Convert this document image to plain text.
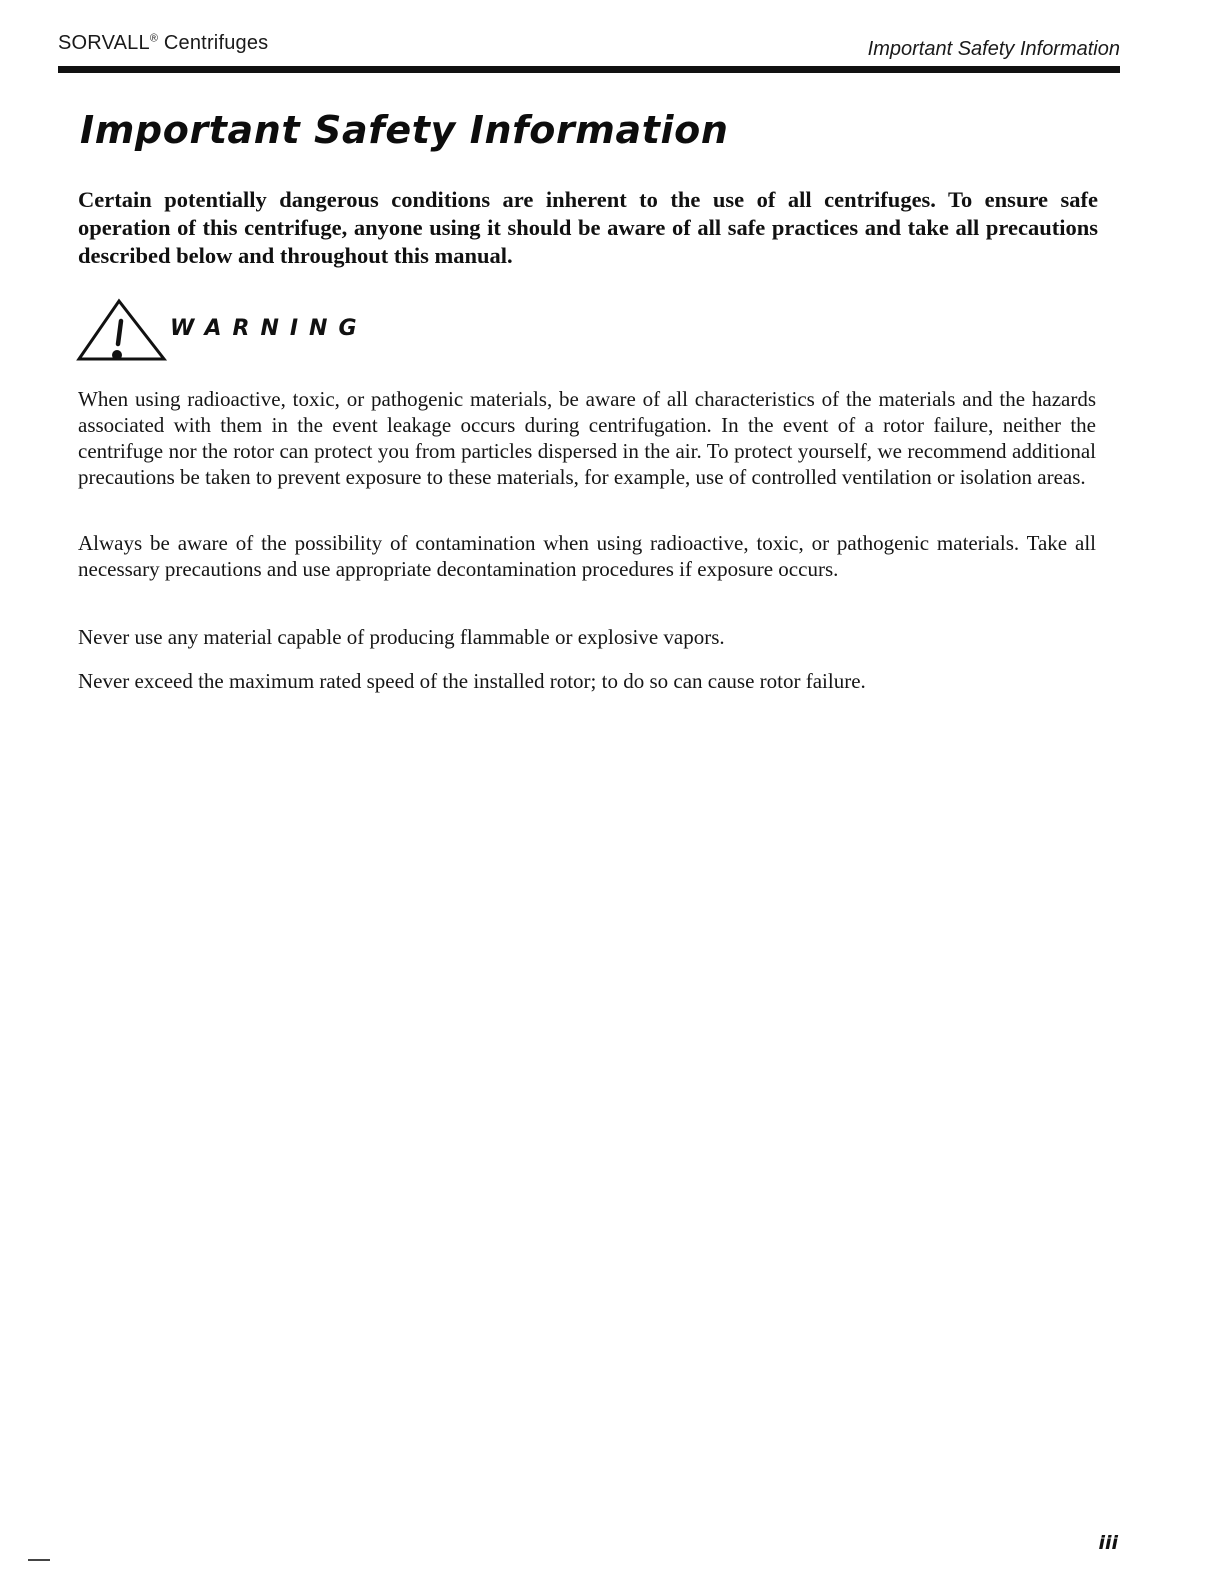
SORVALL® Centrifuges	Important Safety Information
Important Safety Information

Certain potentially dangerous conditions are inherent to the use of all centrifuges. To ensure safe operation of this centrifuge, anyone using it should be aware of all safe practices and take all precautions described below and throughout this manual.

WARNING

When using radioactive, toxic, or pathogenic materials, be aware of all characteristics of the materials and the hazards associated with them in the event leakage occurs during centrifugation. In the event of a rotor failure, neither the centrifuge nor the rotor can protect you from particles dispersed in the air. To protect yourself, we recommend additional precautions be taken to prevent exposure to these materials, for example, use of controlled ventilation or isolation areas.

Always be aware of the possibility of contamination when using radioactive, toxic, or pathogenic materials. Take all necessary precautions and use appropriate decontamination procedures if exposure occurs.

Never use any material capable of producing flammable or explosive vapors.

Never exceed the maximum rated speed of the installed rotor; to do so can cause rotor failure.

iii
